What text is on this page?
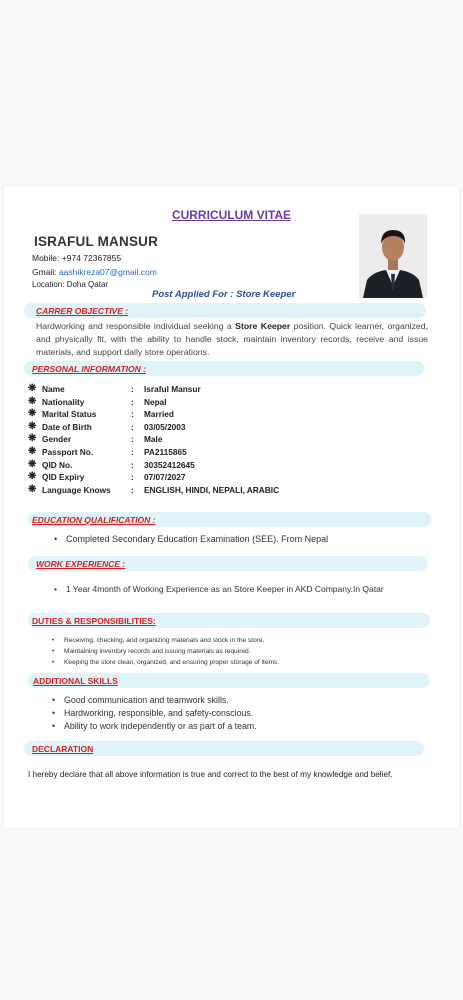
CURRICULUM VITAE
ISRAFUL MANSUR
Mobile: +974 72367855
Gmail: aashikreza07@gmail.com
Location: Doha Qatar
Post Applied For : Store Keeper
CARRER OBJECTIVE :
Hardworking and responsible individual seeking a Store Keeper position. Quick learner, organized, and physically fit, with the ability to handle stock, maintain inventory records, receive and issue materials, and support daily store operations.
PERSONAL INFORMATION :
❋ Name	: Israful Mansur
❋ Nationality	: Nepal
❋ Marital Status	: Married
❋ Date of Birth	: 03/05/2003
❋ Gender	: Male
❋ Passport No.	: PA2115865
❋ QID No.	: 30352412645
❋ QID Expiry	: 07/07/2027
❋ Language Knows : ENGLISH, HINDI, NEPALI, ARABIC
EDUCATION QUALIFICATION :
• Completed Secondary Education Examination (SEE). From Nepal
WORK EXPERIENCE :
• 1 Year 4month of Working Experience as an Store Keeper in AKD Company.In Qatar
DUTIES & RESPONSIBILITIES:
• Receiving, checking, and organizing materials and stock in the store.
• Maintaining inventory records and issuing materials as required.
• Keeping the store clean, organized, and ensuring proper storage of items.
ADDITIONAL SKILLS
• Good communication and teamwork skills.
• Hardworking, responsible, and safety-conscious.
• Ability to work independently or as part of a team.
DECLARATION
I hereby declare that all above information is true and correct to the best of my knowledge and belief.
